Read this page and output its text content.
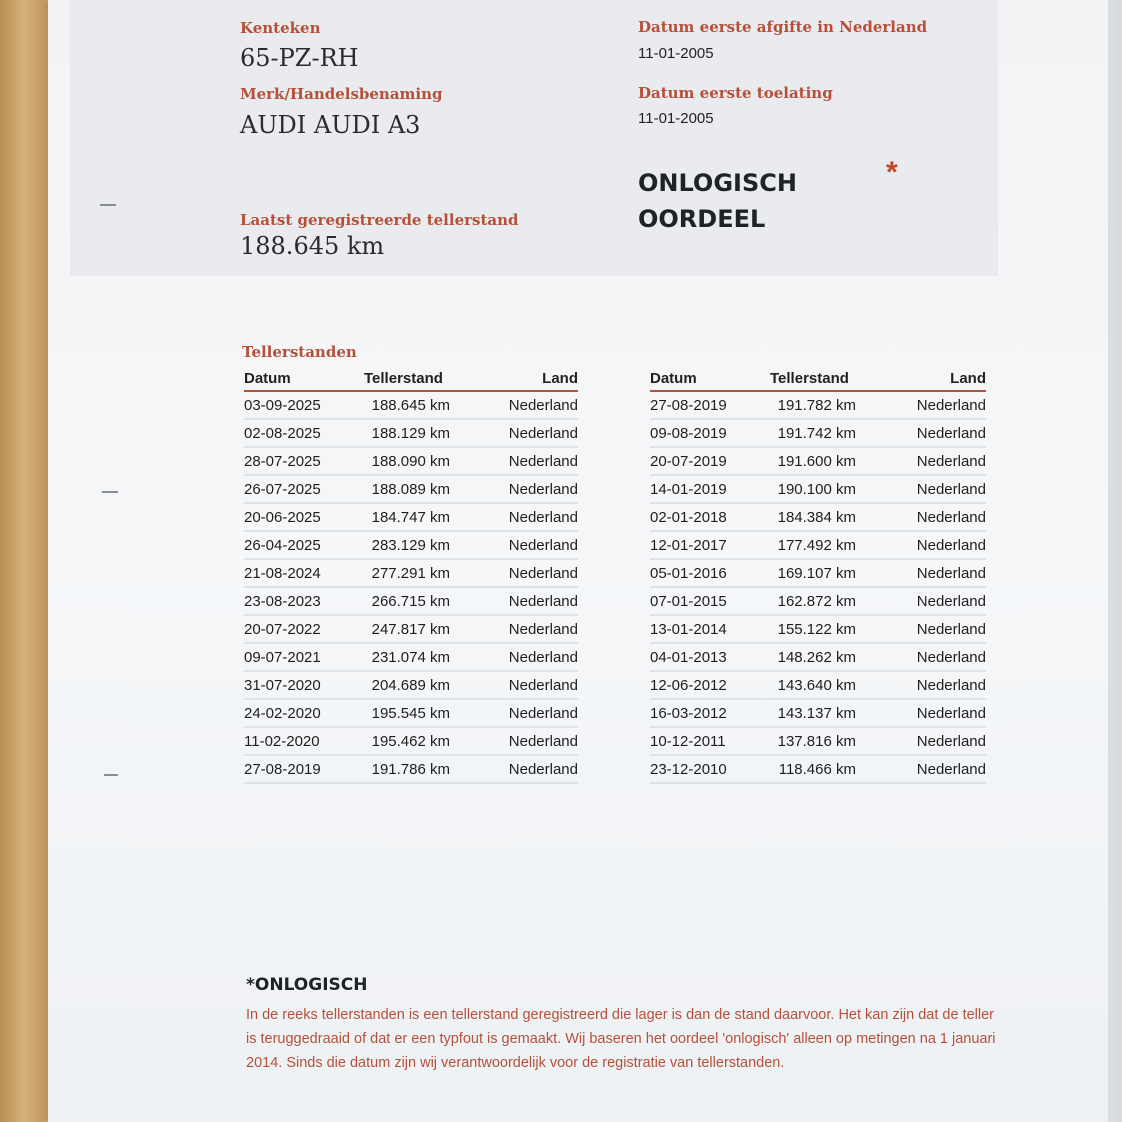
Kenteken
65-PZ-RH
Merk/Handelsbenaming
AUDI AUDI A3
Datum eerste afgifte in Nederland
11-01-2005
Datum eerste toelating
11-01-2005
ONLOGISCH
OORDEEL
*
Laatst geregistreerde tellerstand
188.645 km
Tellerstanden
Datum	Tellerstand	Land
03-09-2025	188.645 km	Nederland
02-08-2025	188.129 km	Nederland
28-07-2025	188.090 km	Nederland
26-07-2025	188.089 km	Nederland
20-06-2025	184.747 km	Nederland
26-04-2025	283.129 km	Nederland
21-08-2024	277.291 km	Nederland
23-08-2023	266.715 km	Nederland
20-07-2022	247.817 km	Nederland
09-07-2021	231.074 km	Nederland
31-07-2020	204.689 km	Nederland
24-02-2020	195.545 km	Nederland
11-02-2020	195.462 km	Nederland
27-08-2019	191.786 km	Nederland
Datum	Tellerstand	Land
27-08-2019	191.782 km	Nederland
09-08-2019	191.742 km	Nederland
20-07-2019	191.600 km	Nederland
14-01-2019	190.100 km	Nederland
02-01-2018	184.384 km	Nederland
12-01-2017	177.492 km	Nederland
05-01-2016	169.107 km	Nederland
07-01-2015	162.872 km	Nederland
13-01-2014	155.122 km	Nederland
04-01-2013	148.262 km	Nederland
12-06-2012	143.640 km	Nederland
16-03-2012	143.137 km	Nederland
10-12-2011	137.816 km	Nederland
23-12-2010	118.466 km	Nederland
*ONLOGISCH
In de reeks tellerstanden is een tellerstand geregistreerd die lager is dan de stand daarvoor. Het kan zijn dat de teller is teruggedraaid of dat er een typfout is gemaakt. Wij baseren het oordeel 'onlogisch' alleen op metingen na 1 januari 2014. Sinds die datum zijn wij verantwoordelijk voor de registratie van tellerstanden.
